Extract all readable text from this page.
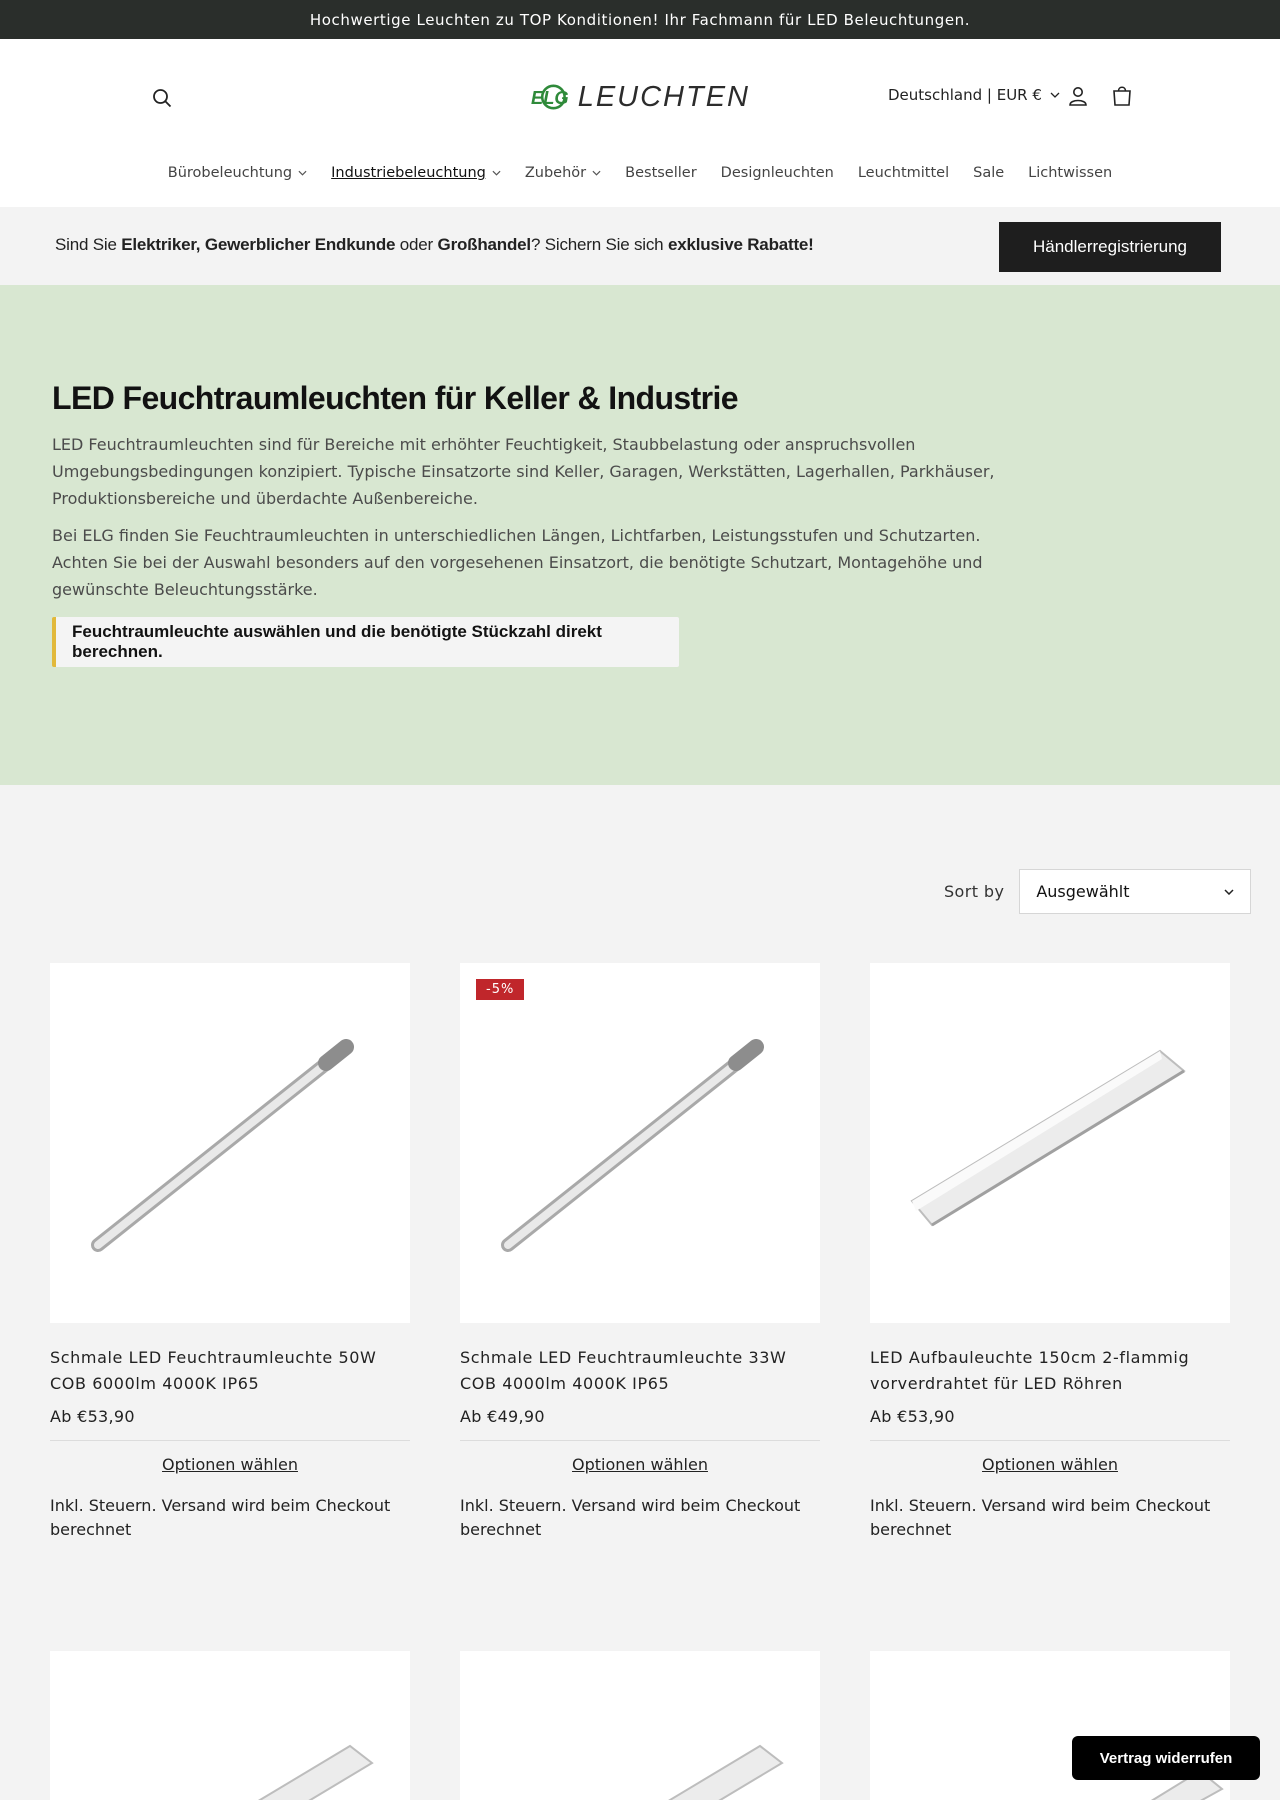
Hochwertige Leuchten zu TOP Konditionen! Ihr Fachmann für LED Beleuchtungen.
ELG LEUCHTEN	Deutschland | EUR €
Bürobeleuchtung	Industriebeleuchtung	Zubehör	Bestseller Designleuchten Leuchtmittel Sale Lichtwissen
Sind Sie Elektriker, Gewerblicher Endkunde oder Großhandel? Sichern Sie sich exklusive Rabatte!	Händlerregistrierung
LED Feuchtraumleuchten für Keller & Industrie

LED Feuchtraumleuchten sind für Bereiche mit erhöhter Feuchtigkeit, Staubbelastung oder anspruchsvollen Umgebungsbedingungen konzipiert. Typische Einsatzorte sind Keller, Garagen, Werkstätten, Lagerhallen, Parkhäuser, Produktionsbereiche und überdachte Außenbereiche.

Bei ELG finden Sie Feuchtraumleuchten in unterschiedlichen Längen, Lichtfarben, Leistungsstufen und Schutzarten. Achten Sie bei der Auswahl besonders auf den vorgesehenen Einsatzort, die benötigte Schutzart, Montagehöhe und gewünschte Beleuchtungsstärke.

Feuchtraumleuchte auswählen und die benötigte Stückzahl direkt berechnen.
Sort by Ausgewählt
Schmale LED Feuchtraumleuchte 50W COB 6000lm 4000K IP65
Ab €53,90
Optionen wählen
Inkl. Steuern. Versand wird beim Checkout berechnet
-5%
Schmale LED Feuchtraumleuchte 33W COB 4000lm 4000K IP65
Ab €49,90
Optionen wählen
Inkl. Steuern. Versand wird beim Checkout berechnet
LED Aufbauleuchte 150cm 2-flammig vorverdrahtet für LED Röhren
Ab €53,90
Optionen wählen
Inkl. Steuern. Versand wird beim Checkout berechnet
Vertrag widerrufen
